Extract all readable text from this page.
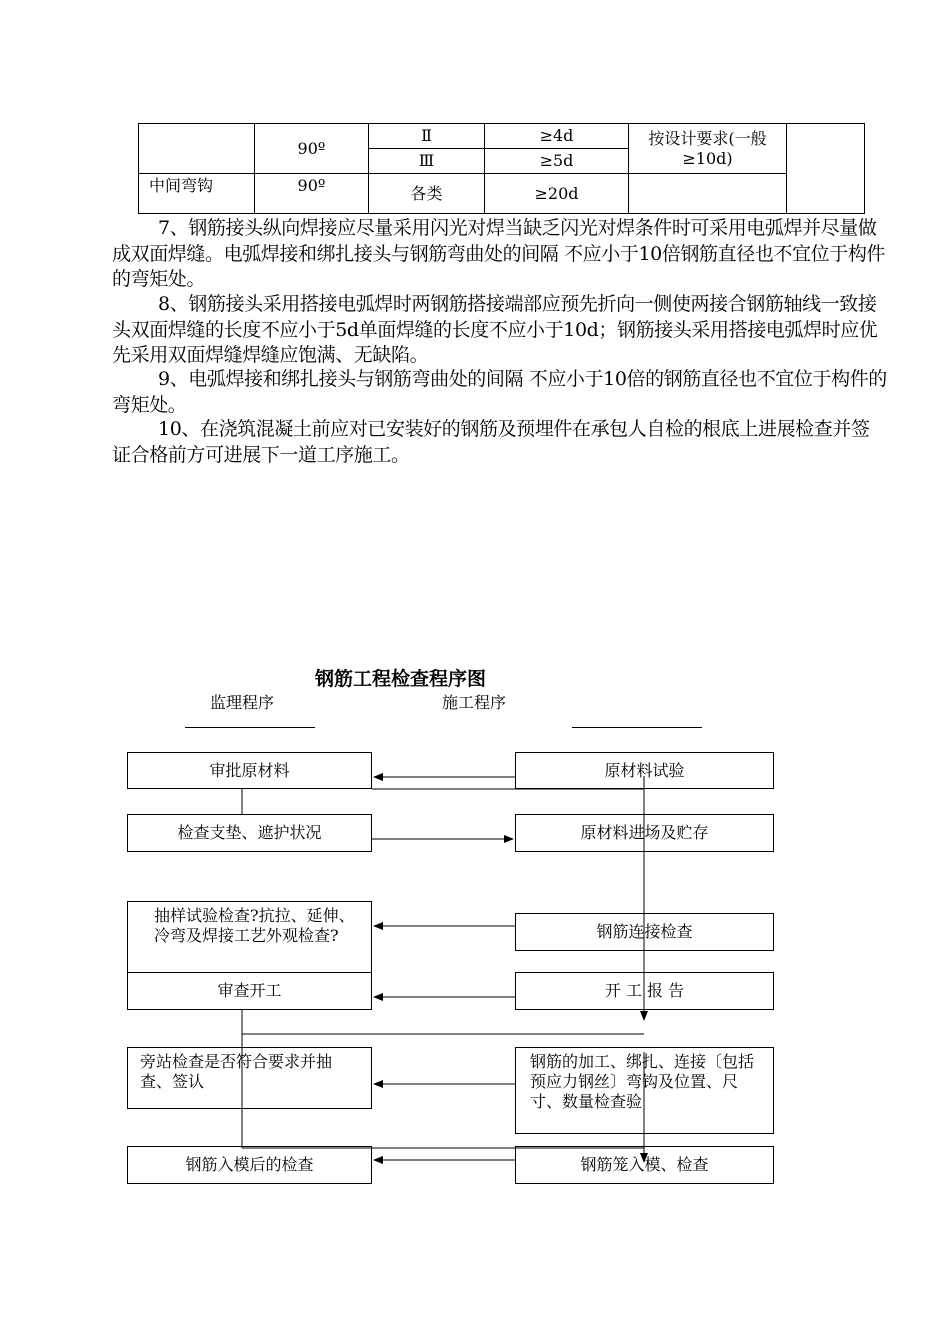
	90º	Ⅱ	≥4d	按设计要求(一般≥10d)	
		Ⅲ	≥5d		
中间弯钩	90º	各类	≥20d		

7、钢筋接头纵向焊接应尽量采用闪光对焊当缺乏闪光对焊条件时可采用电弧焊并尽量做成双面焊缝。电弧焊接和绑扎接头与钢筋弯曲处的间隔 不应小于10倍钢筋直径也不宜位于构件的弯矩处。

8、钢筋接头采用搭接电弧焊时两钢筋搭接端部应预先折向一侧使两接合钢筋轴线一致接头双面焊缝的长度不应小于5d单面焊缝的长度不应小于10d；钢筋接头采用搭接电弧焊时应优先采用双面焊缝焊缝应饱满、无缺陷。

9、电弧焊接和绑扎接头与钢筋弯曲处的间隔 不应小于10倍的钢筋直径也不宜位于构件的弯矩处。

10、在浇筑混凝土前应对已安装好的钢筋及预埋件在承包人自检的根底上进展检查并签证合格前方可进展下一道工序施工。

钢筋工程检查程序图
监理程序	施工程序
审批原材料
检查支垫、遮护状况
抽样试验检查?抗拉、延伸、冷弯及焊接工艺外观检查?
审查开工
旁站检查是否符合要求并抽查、签认
钢筋入模后的检查
原材料试验
原材料进场及贮存
钢筋连接检查
开 工 报 告
钢筋的加工、绑扎、连接〔包括预应力钢丝〕弯钩及位置、尺寸、数量检查验
钢筋笼入模、检查
